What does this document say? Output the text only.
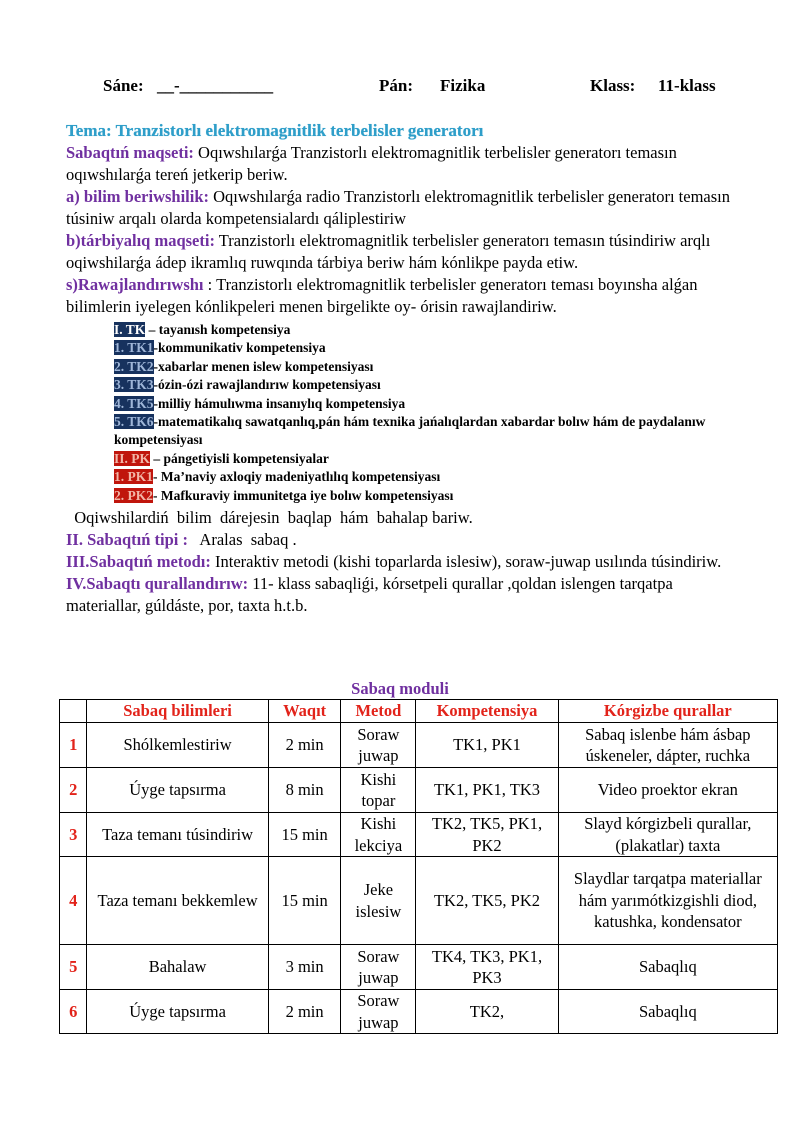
Sáne: __-___________	Pán: Fizika	Klass: 11-klass

Tema: Tranzistorlı elektromagnitlik terbelisler generatorı

Sabaqtıń maqseti: Oqıwshılarǵa Tranzistorlı elektromagnitlik terbelisler generatorı temasın oqıwshılarǵa tereń jetkerip beriw.

a) bilim beriwshilik: Oqıwshılarǵa radio Tranzistorlı elektromagnitlik terbelisler generatorı temasın túsiniw arqalı olarda kompetensialardı qáliplestiriw

b)tárbiyalıq maqseti: Tranzistorlı elektromagnitlik terbelisler generatorı temasın túsindiriw arqlı oqiwshilarǵa ádep ikramlıq ruwqında tárbiya beriw hám kónlikpe payda etiw.

s)Rawajlandırıwshı : Tranzistorlı elektromagnitlik terbelisler generatorı teması boyınsha alǵan bilimlerin iyelegen kónlikpeleri menen birgelikte oy- órisin rawajlandiriw.

I. TK – tayanısh kompetensiya
1. TK1-kommunikativ kompetensiya
2. TK2-xabarlar menen islew kompetensiyası
3. TK3-ózin-ózi rawajlandırıw kompetensiyası
4. TK5-milliy hámulıwma insanıylıq kompetensiya
5. TK6-matematikalıq sawatqanlıq,pán hám texnika jańalıqlardan xabardar bolıw hám de paydalanıw kompetensiyası
II. PK – pángetiyisli kompetensiyalar
1. PK1- Ma’naviy axloqiy madeniyatlılıq kompetensiyası
2. PK2- Mafkuraviy immunitetga iye bolıw kompetensiyası

Oqiwshilardiń  bilim  dárejesin  baqlap  hám  bahalap bariw.

II. Sabaqtıń tipi :   Aralas  sabaq .

III.Sabaqtıń metodı: Interaktiv metodi (kishi toparlarda islesiw), soraw-juwap usılında túsindiriw.

IV.Sabaqtı qurallandırıw: 11- klass sabaqliǵi, kórsetpeli qurallar ,qoldan islengen tarqatpa materiallar, gúldáste, por, taxta h.t.b.

Sabaq moduli
	Sabaq bilimleri	Waqıt	Metod	Kompetensiya	Kórgizbe qurallar
1	Shólkemlestiriw	2 min	Soraw juwap	TK1, PK1	Sabaq islenbe hám ásbap úskeneler, dápter, ruchka
2	Úyge tapsırma	8 min	Kishi topar	TK1, PK1, TK3	Video proektor ekran
3	Taza temanı túsindiriw	15 min	Kishi lekciya	TK2, TK5, PK1, PK2	Slayd kórgizbeli qurallar, (plakatlar) taxta
4	Taza temanı bekkemlew	15 min	Jeke islesiw	TK2, TK5, PK2	Slaydlar tarqatpa materiallar hám yarımótkizgishli diod, katushka, kondensator
5	Bahalaw	3 min	Soraw juwap	TK4, TK3, PK1, PK3	Sabaqlıq
6	Úyge tapsırma	2 min	Soraw juwap	TK2,	Sabaqlıq
